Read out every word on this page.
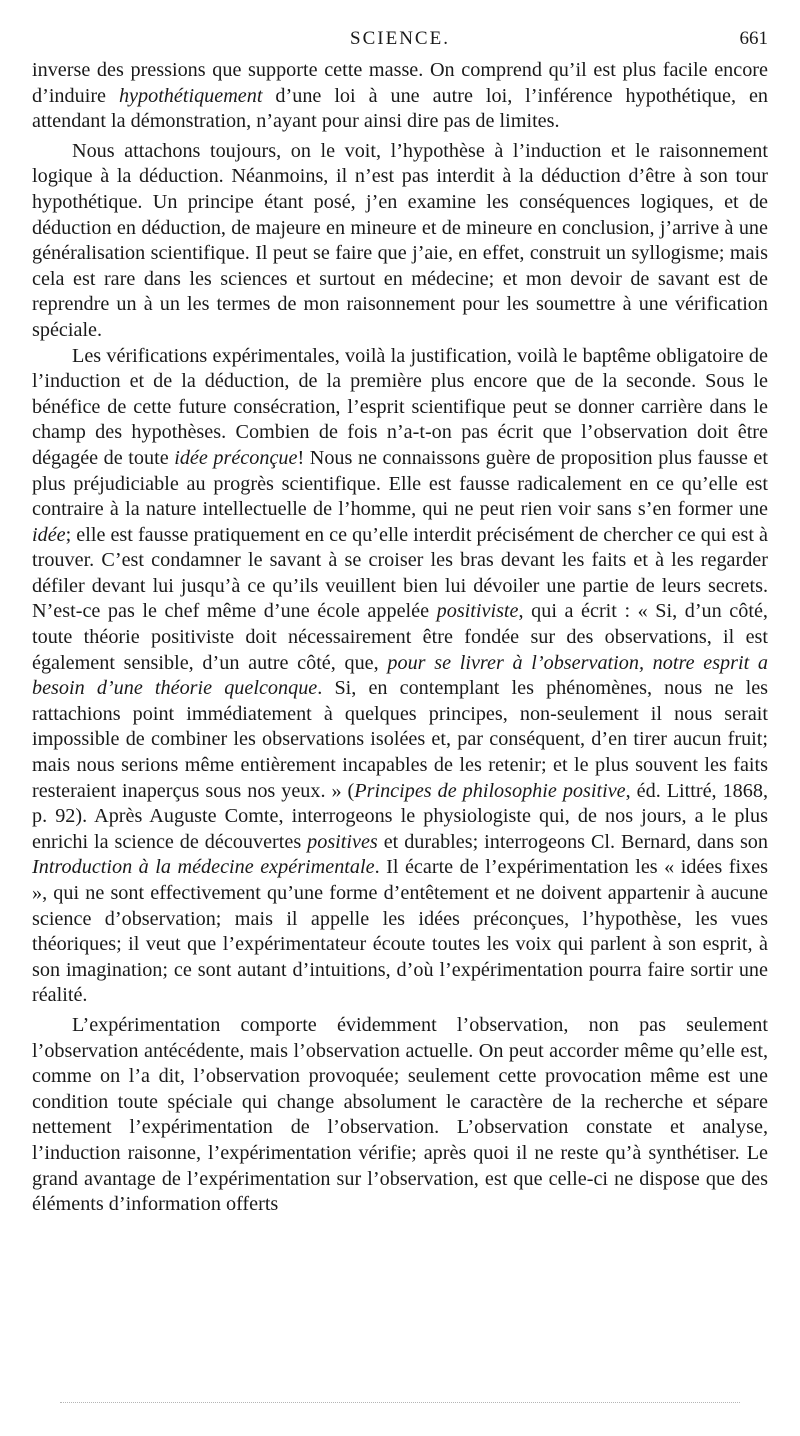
SCIENCE.	661

inverse des pressions que supporte cette masse. On comprend qu’il est plus facile encore d’induire hypothétiquement d’une loi à une autre loi, l’inférence hypothétique, en attendant la démonstration, n’ayant pour ainsi dire pas de limites.

Nous attachons toujours, on le voit, l’hypothèse à l’induction et le raisonnement logique à la déduction. Néanmoins, il n’est pas interdit à la déduction d’être à son tour hypothétique. Un principe étant posé, j’en examine les conséquences logiques, et de déduction en déduction, de majeure en mineure et de mineure en conclusion, j’arrive à une généralisation scientifique. Il peut se faire que j’aie, en effet, construit un syllogisme; mais cela est rare dans les sciences et surtout en médecine; et mon devoir de savant est de reprendre un à un les termes de mon raisonnement pour les soumettre à une vérification spéciale.

Les vérifications expérimentales, voilà la justification, voilà le baptême obligatoire de l’induction et de la déduction, de la première plus encore que de la seconde. Sous le bénéfice de cette future consécration, l’esprit scientifique peut se donner carrière dans le champ des hypothèses. Combien de fois n’a-t-on pas écrit que l’observation doit être dégagée de toute idée préconçue! Nous ne connaissons guère de proposition plus fausse et plus préjudiciable au progrès scientifique. Elle est fausse radicalement en ce qu’elle est contraire à la nature intellectuelle de l’homme, qui ne peut rien voir sans s’en former une idée; elle est fausse pratiquement en ce qu’elle interdit précisément de chercher ce qui est à trouver. C’est condamner le savant à se croiser les bras devant les faits et à les regarder défiler devant lui jusqu’à ce qu’ils veuillent bien lui dévoiler une partie de leurs secrets. N’est-ce pas le chef même d’une école appelée positiviste, qui a écrit : « Si, d’un côté, toute théorie positiviste doit nécessairement être fondée sur des observations, il est également sensible, d’un autre côté, que, pour se livrer à l’observation, notre esprit a besoin d’une théorie quelconque. Si, en contemplant les phénomènes, nous ne les rattachions point immédiatement à quelques principes, non-seulement il nous serait impossible de combiner les observations isolées et, par conséquent, d’en tirer aucun fruit; mais nous serions même entièrement incapables de les retenir; et le plus souvent les faits resteraient inaperçus sous nos yeux. » (Principes de philosophie positive, éd. Littré, 1868, p. 92). Après Auguste Comte, interrogeons le physiologiste qui, de nos jours, a le plus enrichi la science de découvertes positives et durables; interrogeons Cl. Bernard, dans son Introduction à la médecine expérimentale. Il écarte de l’expérimentation les « idées fixes », qui ne sont effectivement qu’une forme d’entêtement et ne doivent appartenir à aucune science d’observation; mais il appelle les idées préconçues, l’hypothèse, les vues théoriques; il veut que l’expérimentateur écoute toutes les voix qui parlent à son esprit, à son imagination; ce sont autant d’intuitions, d’où l’expérimentation pourra faire sortir une réalité.

L’expérimentation comporte évidemment l’observation, non pas seulement l’observation antécédente, mais l’observation actuelle. On peut accorder même qu’elle est, comme on l’a dit, l’observation provoquée; seulement cette provocation même est une condition toute spéciale qui change absolument le caractère de la recherche et sépare nettement l’expérimentation de l’observation. L’observation constate et analyse, l’induction raisonne, l’expérimentation vérifie; après quoi il ne reste qu’à synthétiser. Le grand avantage de l’expérimentation sur l’observation, est que celle-ci ne dispose que des éléments d’information offerts
